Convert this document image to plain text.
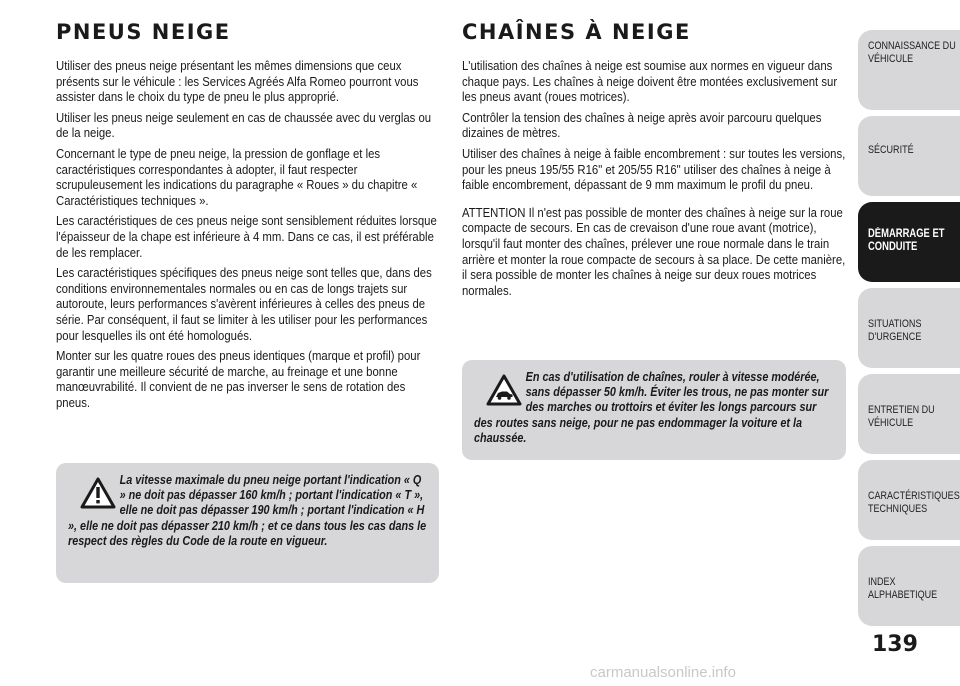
PNEUS NEIGE

Utiliser des pneus neige présentant les mêmes dimensions que ceux présents sur le véhicule : les Services Agréés Alfa Romeo pourront vous assister dans le choix du type de pneu le plus approprié.

Utiliser les pneus neige seulement en cas de chaussée avec du verglas ou de la neige.

Concernant le type de pneu neige, la pression de gonflage et les caractéristiques correspondantes à adopter, il faut respecter scrupuleusement les indications du paragraphe « Roues » du chapitre « Caractéristiques techniques ».

Les caractéristiques de ces pneus neige sont sensiblement réduites lorsque l'épaisseur de la chape est inférieure à 4 mm. Dans ce cas, il est préférable de les remplacer.

Les caractéristiques spécifiques des pneus neige sont telles que, dans des conditions environnementales normales ou en cas de longs trajets sur autoroute, leurs performances s'avèrent inférieures à celles des pneus de série. Par conséquent, il faut se limiter à les utiliser pour les performances pour lesquelles ils ont été homologués.

Monter sur les quatre roues des pneus identiques (marque et profil) pour garantir une meilleure sécurité de marche, au freinage et une bonne manœuvrabilité. Il convient de ne pas inverser le sens de rotation des pneus.

La vitesse maximale du pneu neige portant l'indication « Q » ne doit pas dépasser 160 km/h ; portant l'indication « T », elle ne doit pas dépasser 190 km/h ; portant l'indication « H », elle ne doit pas dépasser 210 km/h ; et ce dans tous les cas dans le respect des règles du Code de la route en vigueur.

CHAÎNES À NEIGE

L'utilisation des chaînes à neige est soumise aux normes en vigueur dans chaque pays. Les chaînes à neige doivent être montées exclusivement sur les pneus avant (roues motrices).

Contrôler la tension des chaînes à neige après avoir parcouru quelques dizaines de mètres.

Utiliser des chaînes à neige à faible encombrement : sur toutes les versions, pour les pneus 195/55 R16" et 205/55 R16" utiliser des chaînes à neige à faible encombrement, dépassant de 9 mm maximum le profil du pneu.

ATTENTION Il n'est pas possible de monter des chaînes à neige sur la roue compacte de secours. En cas de crevaison d'une roue avant (motrice), lorsqu'il faut monter des chaînes, prélever une roue normale dans le train arrière et monter la roue compacte de secours à sa place. De cette manière, il sera possible de monter les chaînes à neige sur deux roues motrices normales.

En cas d'utilisation de chaînes, rouler à vitesse modérée, sans dépasser 50 km/h. Éviter les trous, ne pas monter sur des marches ou trottoirs et éviter les longs parcours sur des routes sans neige, pour ne pas endommager la voiture et la chaussée.

CONNAISSANCE DU VÉHICULE
SÉCURITÉ
DÉMARRAGE ET CONDUITE
SITUATIONS D'URGENCE
ENTRETIEN DU VÉHICULE
CARACTÉRISTIQUES TECHNIQUES
INDEX ALPHABETIQUE
139
carmanualsonline.info
